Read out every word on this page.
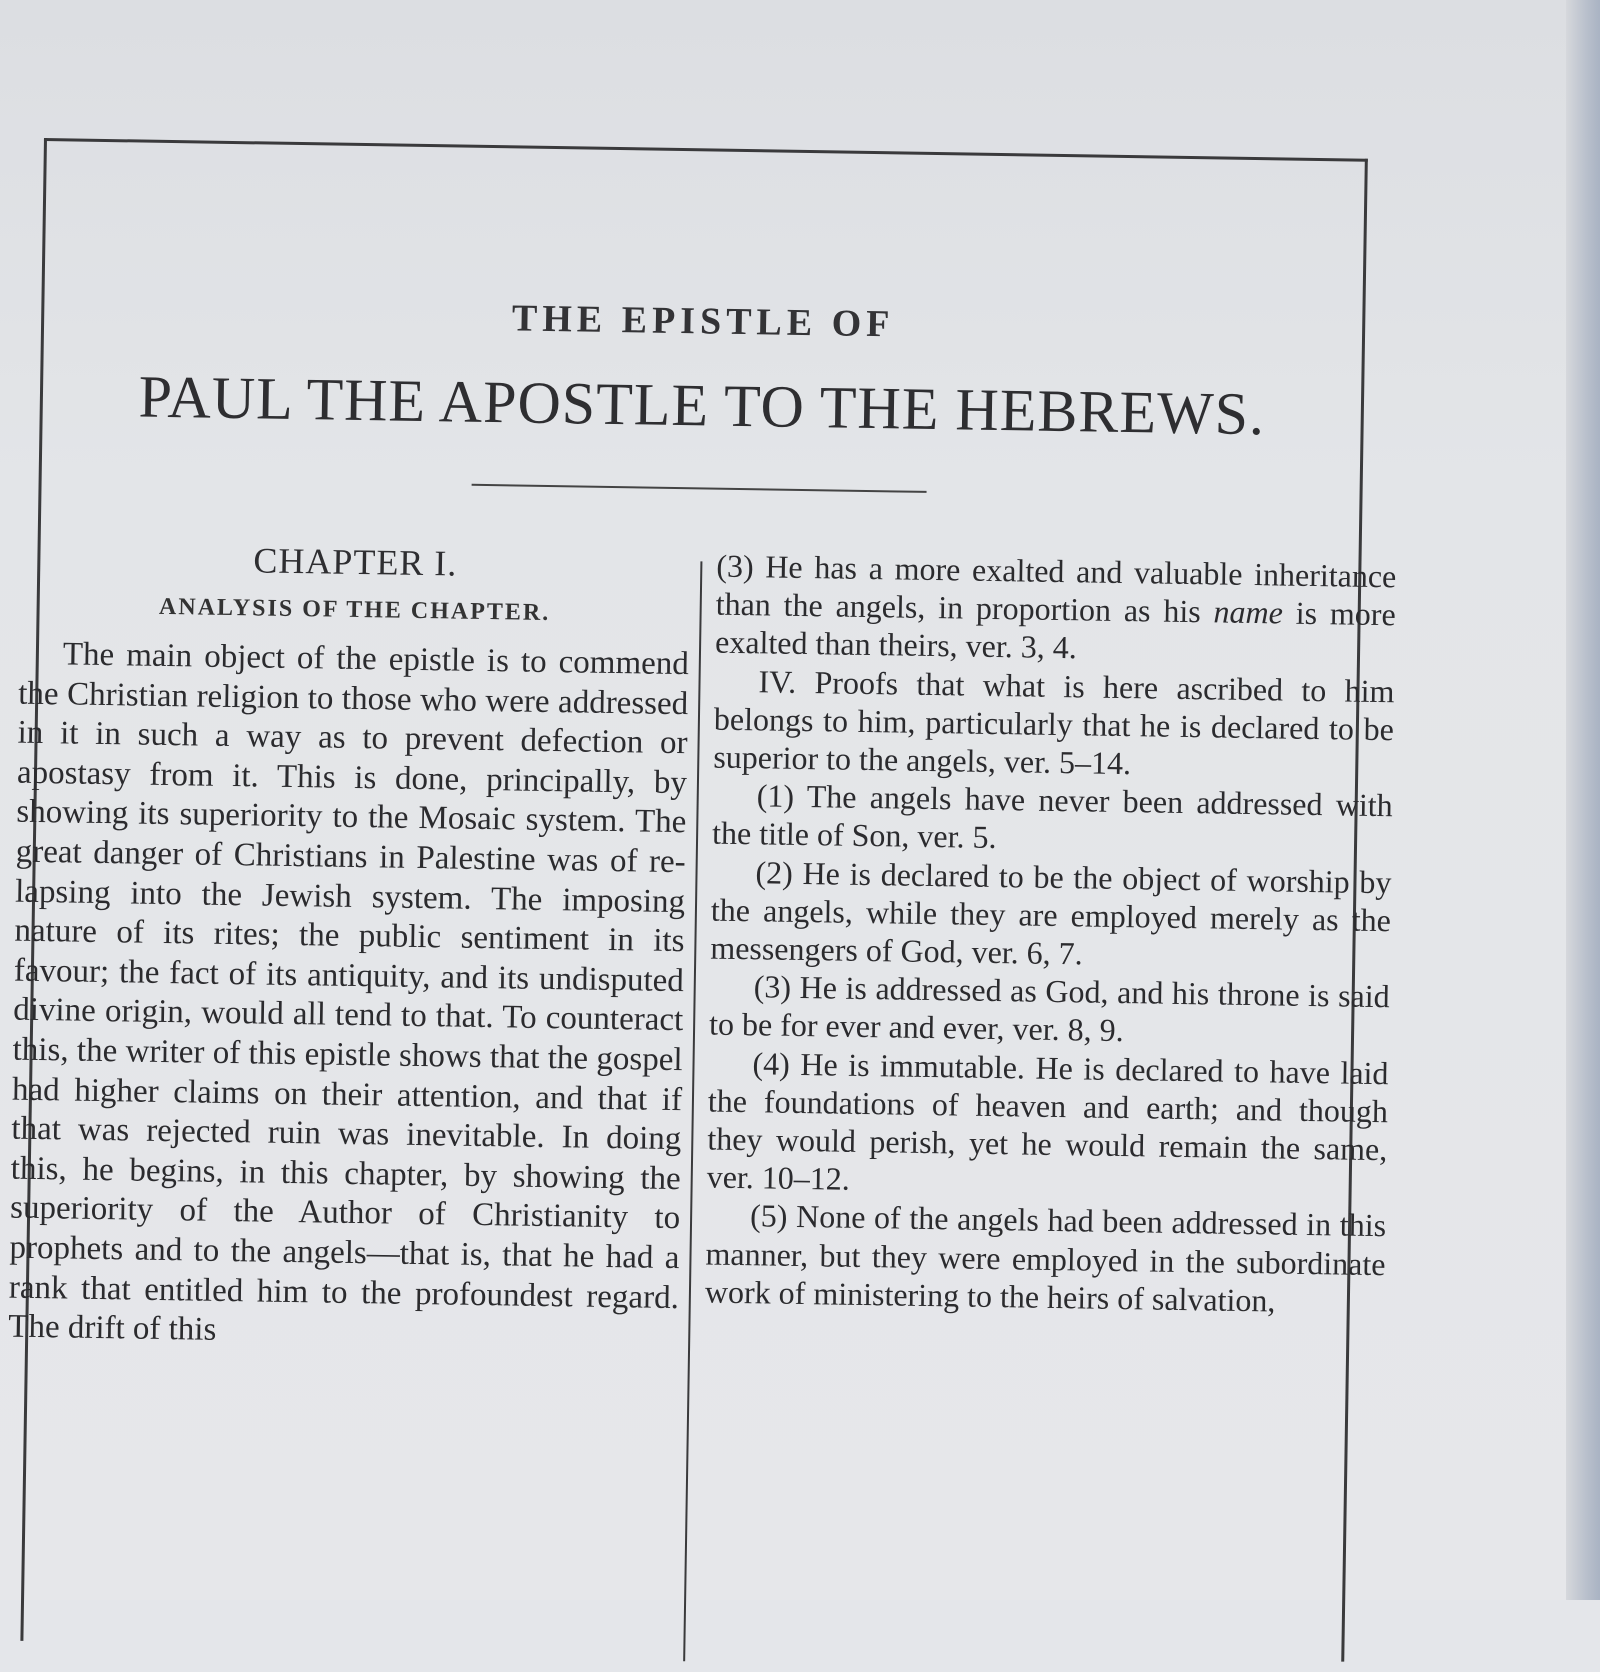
THE EPISTLE OF
PAUL THE APOSTLE TO THE HEBREWS.
CHAPTER I.
ANALYSIS OF THE CHAPTER.

The main object of the epistle is to commend the Christian religion to those who were addressed in it in such a way as to prevent defection or apostasy from it. This is done, principally, by showing its superiority to the Mosaic system. The great danger of Christians in Palestine was of relapsing into the Jewish system. The imposing nature of its rites; the public sentiment in its favour; the fact of its antiquity, and its undisputed divine origin, would all tend to that. To counteract this, the writer of this epistle shows that the gospel had higher claims on their attention, and that if that was rejected ruin was inevitable. In doing this, he begins, in this chapter, by showing the superiority of the Author of Christianity to prophets and to the angels—that is, that he had a rank that entitled him to the profoundest regard. The drift of this

(3) He has a more exalted and valuable inheritance than the angels, in proportion as his name is more exalted than theirs, ver. 3, 4.

IV. Proofs that what is here ascribed to him belongs to him, particularly that he is declared to be superior to the angels, ver. 5–14.

(1) The angels have never been addressed with the title of Son, ver. 5.

(2) He is declared to be the object of worship by the angels, while they are employed merely as the messengers of God, ver. 6, 7.

(3) He is addressed as God, and his throne is said to be for ever and ever, ver. 8, 9.

(4) He is immutable. He is declared to have laid the foundations of heaven and earth; and though they would perish, yet he would remain the same, ver. 10–12.

(5) None of the angels had been addressed in this manner, but they were employed in the subordinate work of ministering to the heirs of salvation,
